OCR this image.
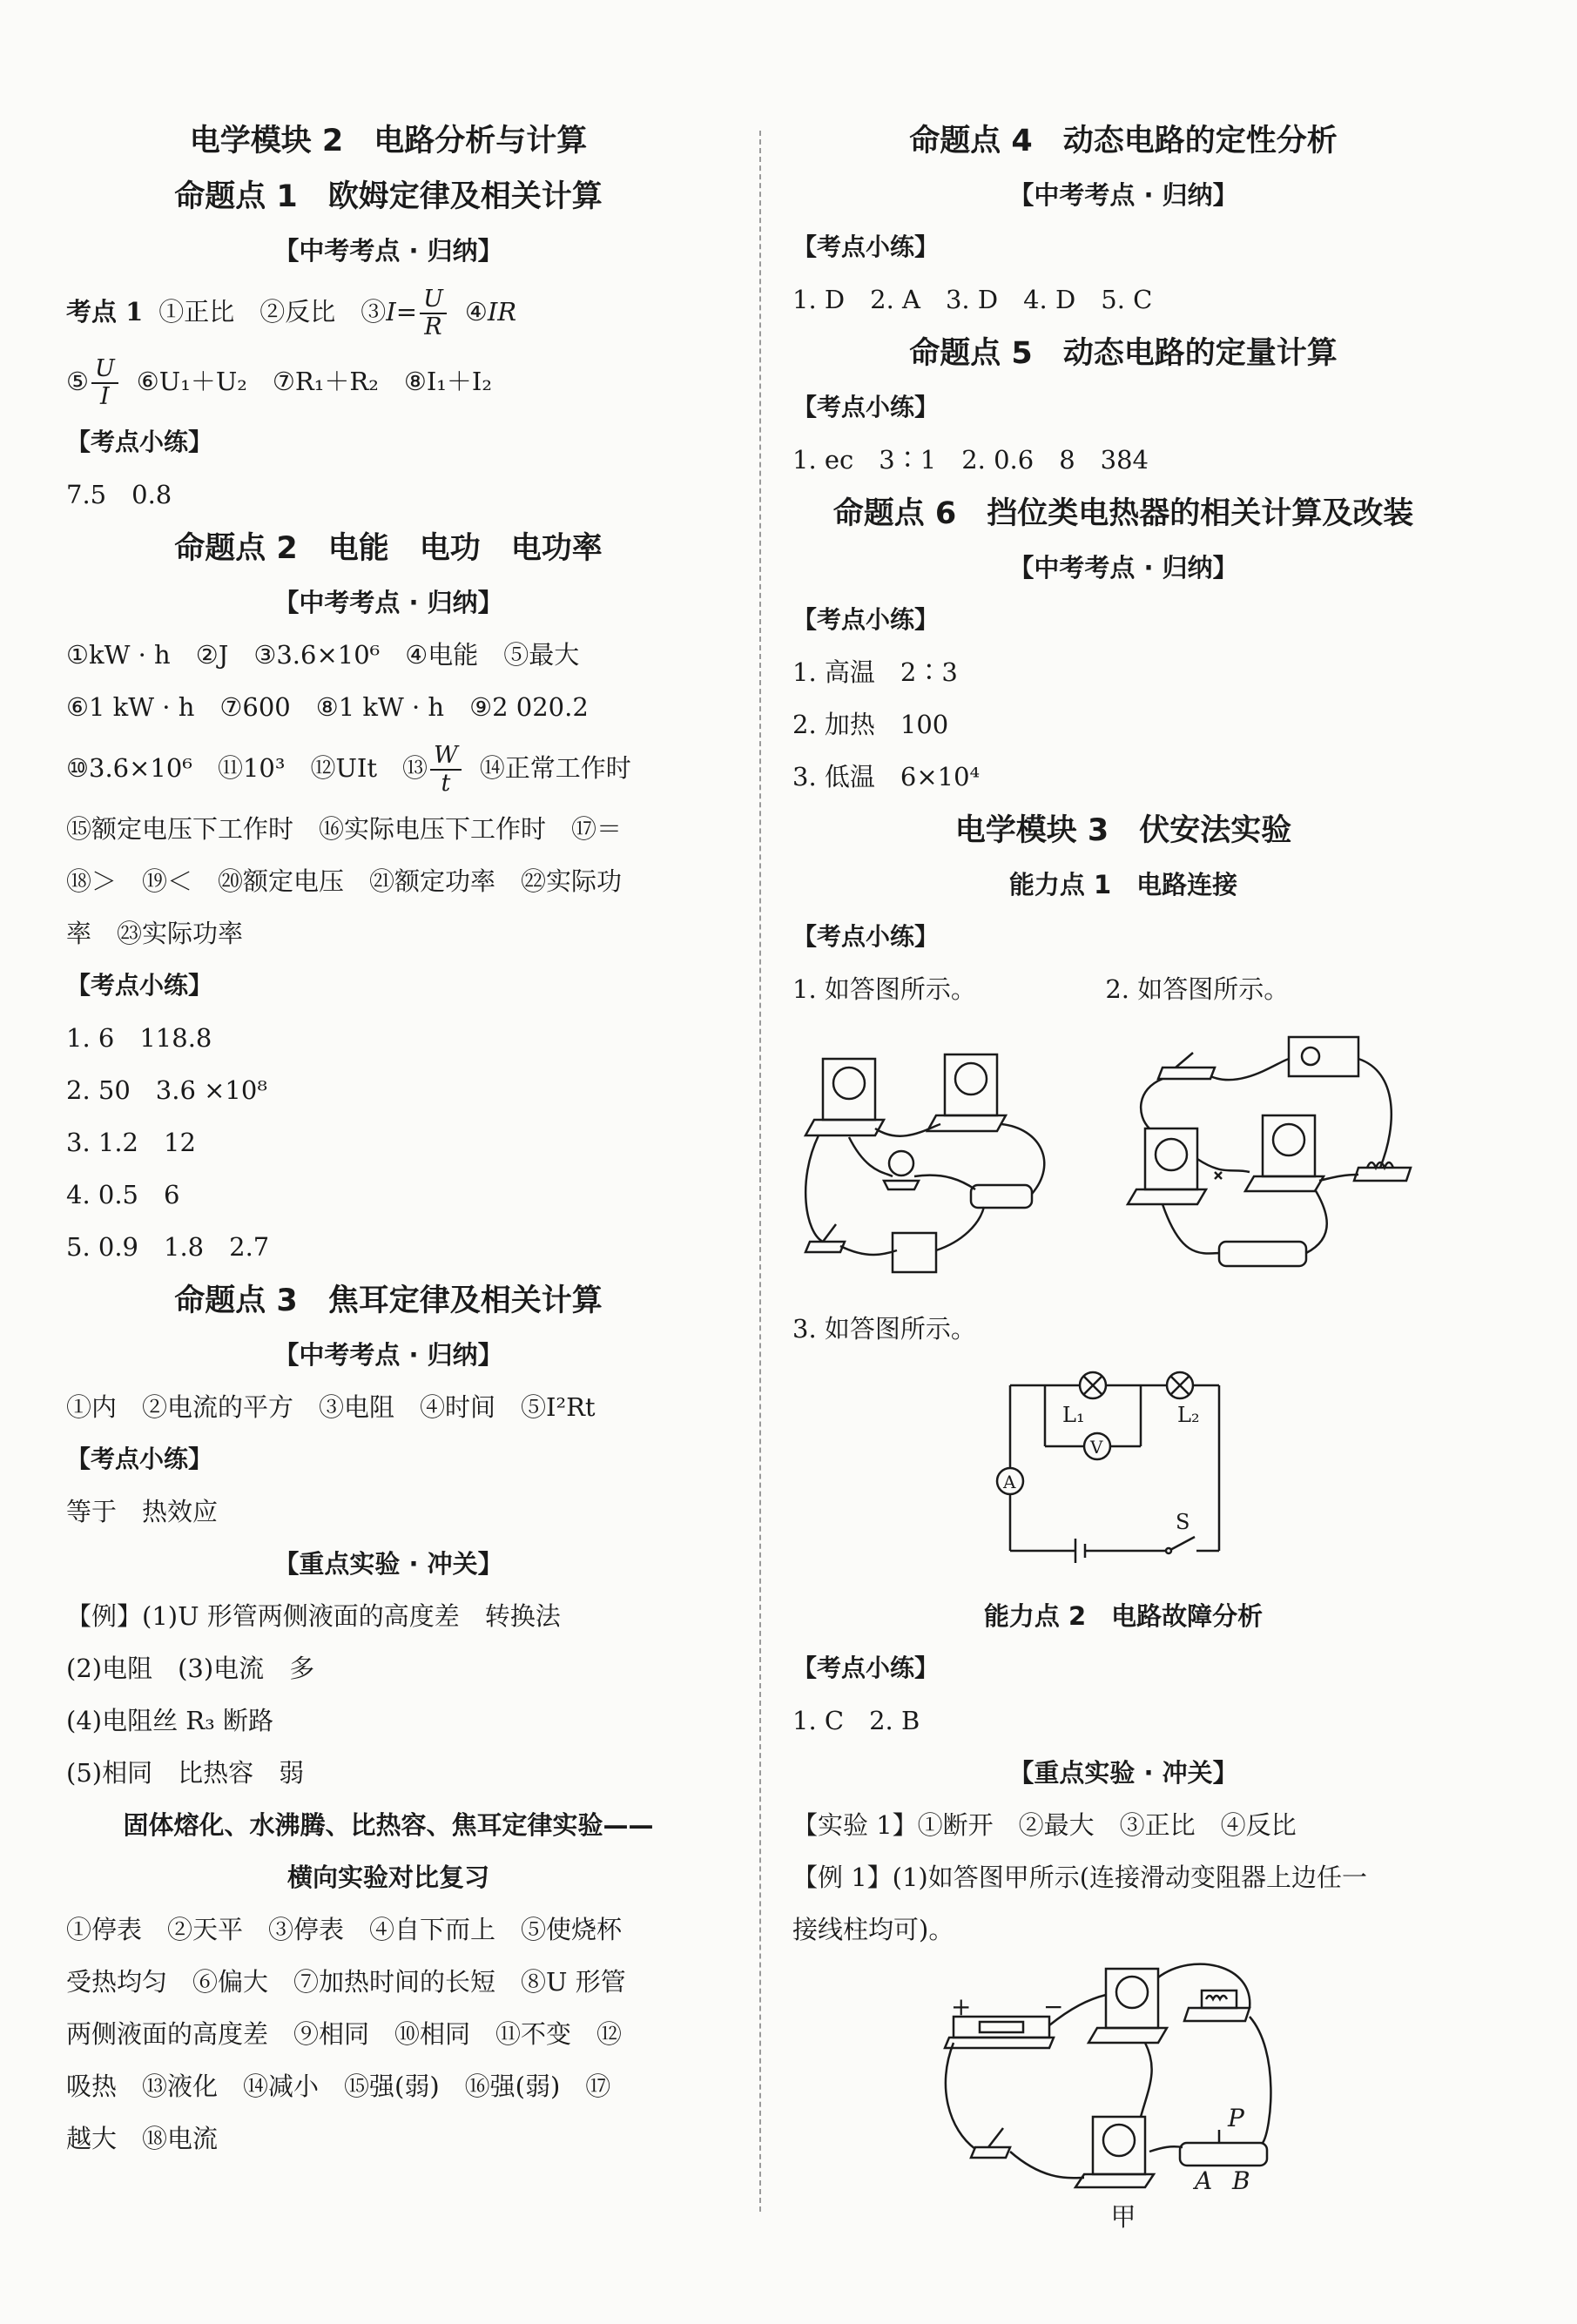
电学模块 2　电路分析与计算
命题点 1　欧姆定律及相关计算
【中考考点 · 归纳】
考点 1 ①正比　②反比　③I= $\frac{U}{R}$ ④IR
⑤ $\frac{U}{I}$ ⑥U₁＋U₂　⑦R₁＋R₂　⑧I₁＋I₂
【考点小练】
7.5　0.8
命题点 2　电能　电功　电功率
【中考考点 · 归纳】
①kW · h　②J　③3.6×10⁶　④电能　⑤最大
⑥1 kW · h　⑦600　⑧1 kW · h　⑨2 020.2
⑩3.6×10⁶　⑪10³　⑫UIt　⑬ $\frac{W}{t}$ ⑭正常工作时
⑮额定电压下工作时　⑯实际电压下工作时　⑰＝
⑱＞　⑲＜　⑳额定电压　㉑额定功率　㉒实际功
率　㉓实际功率
【考点小练】
1. 6　118.8
2. 50　3.6 ×10⁸
3. 1.2　12
4. 0.5　6
5. 0.9　1.8　2.7
命题点 3　焦耳定律及相关计算
【中考考点 · 归纳】
①内　②电流的平方　③电阻　④时间　⑤I²Rt
【考点小练】
等于　热效应
【重点实验 · 冲关】
【例】(1)U 形管两侧液面的高度差　转换法
(2)电阻　(3)电流　多
(4)电阻丝 R₃ 断路
(5)相同　比热容　弱
固体熔化、水沸腾、比热容、焦耳定律实验——
横向实验对比复习
①停表　②天平　③停表　④自下而上　⑤使烧杯
受热均匀　⑥偏大　⑦加热时间的长短　⑧U 形管
两侧液面的高度差　⑨相同　⑩相同　⑪不变　⑫
吸热　⑬液化　⑭减小　⑮强(弱)　⑯强(弱)　⑰
越大　⑱电流
命题点 4　动态电路的定性分析
【中考考点 · 归纳】
【考点小练】
1. D　2. A　3. D　4. D　5. C
命题点 5　动态电路的定量计算
【考点小练】
1. ec　3∶1　2. 0.6　8　384
命题点 6　挡位类电热器的相关计算及改装
【中考考点 · 归纳】
【考点小练】
1. 高温　2∶3
2. 加热　100
3. 低温　6×10⁴
电学模块 3　伏安法实验
能力点 1　电路连接
【考点小练】
1. 如答图所示。	2. 如答图所示。
3. 如答图所示。
L₁	L₂
V
A
S
能力点 2　电路故障分析
【考点小练】
1. C　2. B
【重点实验 · 冲关】
【实验 1】①断开　②最大　③正比　④反比
【例 1】(1)如答图甲所示(连接滑动变阻器上边任一
接线柱均可)。
+	−
P
A B
甲
